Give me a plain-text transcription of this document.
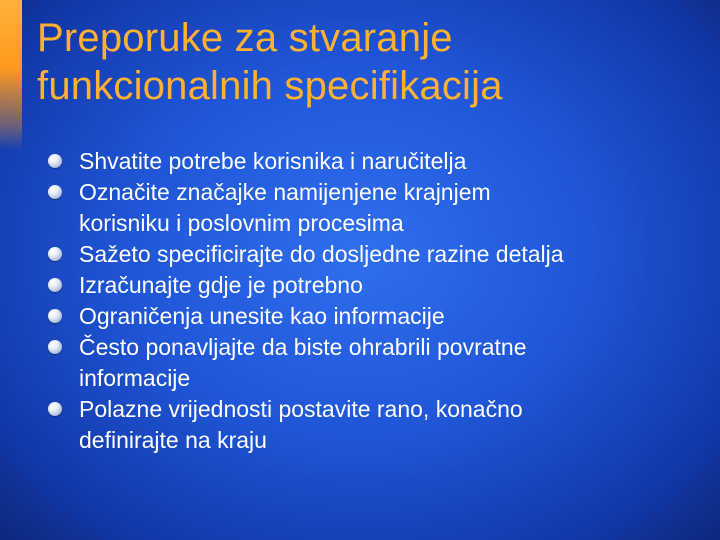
Preporuke za stvaranje
funkcionalnih specifikacija
Shvatite potrebe korisnika i naručitelja
Označite značajke namijenjene krajnjem
korisniku i poslovnim procesima
Sažeto specificirajte do dosljedne razine detalja
Izračunajte gdje je potrebno
Ograničenja unesite kao informacije
Često ponavljajte da biste ohrabrili povratne
informacije
Polazne vrijednosti postavite rano, konačno
definirajte na kraju
